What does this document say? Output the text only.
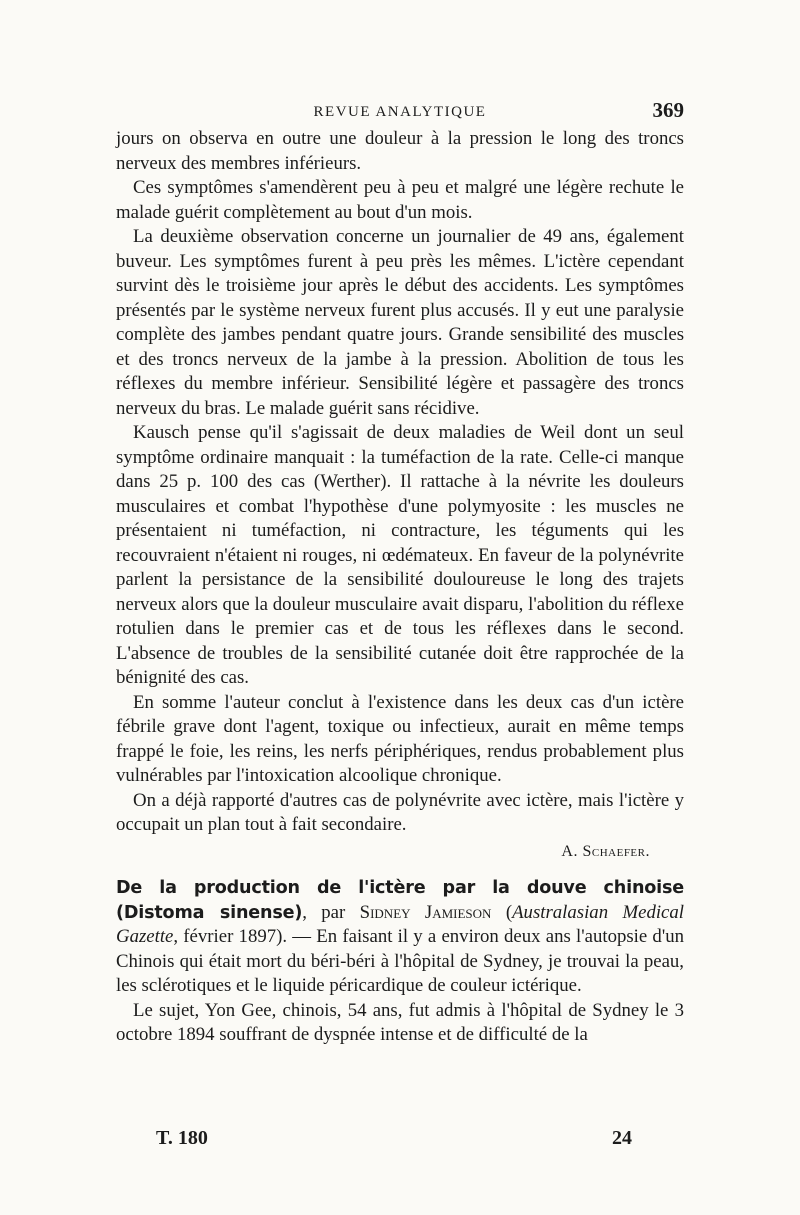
REVUE ANALYTIQUE	369

jours on observa en outre une douleur à la pression le long des troncs nerveux des membres inférieurs.

Ces symptômes s'amendèrent peu à peu et malgré une légère rechute le malade guérit complètement au bout d'un mois.

La deuxième observation concerne un journalier de 49 ans, également buveur. Les symptômes furent à peu près les mêmes. L'ictère cependant survint dès le troisième jour après le début des accidents. Les symptômes présentés par le système nerveux furent plus accusés. Il y eut une paralysie complète des jambes pendant quatre jours. Grande sensibilité des muscles et des troncs nerveux de la jambe à la pression. Abolition de tous les réflexes du membre inférieur. Sensibilité légère et passagère des troncs nerveux du bras. Le malade guérit sans récidive.

Kausch pense qu'il s'agissait de deux maladies de Weil dont un seul symptôme ordinaire manquait : la tuméfaction de la rate. Celle-ci manque dans 25 p. 100 des cas (Werther). Il rattache à la névrite les douleurs musculaires et combat l'hypothèse d'une polymyosite : les muscles ne présentaient ni tuméfaction, ni contracture, les téguments qui les recouvraient n'étaient ni rouges, ni œdémateux. En faveur de la polynévrite parlent la persistance de la sensibilité douloureuse le long des trajets nerveux alors que la douleur musculaire avait disparu, l'abolition du réflexe rotulien dans le premier cas et de tous les réflexes dans le second. L'absence de troubles de la sensibilité cutanée doit être rapprochée de la bénignité des cas.

En somme l'auteur conclut à l'existence dans les deux cas d'un ictère fébrile grave dont l'agent, toxique ou infectieux, aurait en même temps frappé le foie, les reins, les nerfs périphériques, rendus probablement plus vulnérables par l'intoxication alcoolique chronique.

On a déjà rapporté d'autres cas de polynévrite avec ictère, mais l'ictère y occupait un plan tout à fait secondaire.

A. Schaefer.

De la production de l'ictère par la douve chinoise (Distoma sinense), par Sidney Jamieson (Australasian Medical Gazette, février 1897). — En faisant il y a environ deux ans l'autopsie d'un Chinois qui était mort du béri-béri à l'hôpital de Sydney, je trouvai la peau, les sclérotiques et le liquide péricardique de couleur ictérique.

Le sujet, Yon Gee, chinois, 54 ans, fut admis à l'hôpital de Sydney le 3 octobre 1894 souffrant de dyspnée intense et de difficulté de la

T. 180	24
